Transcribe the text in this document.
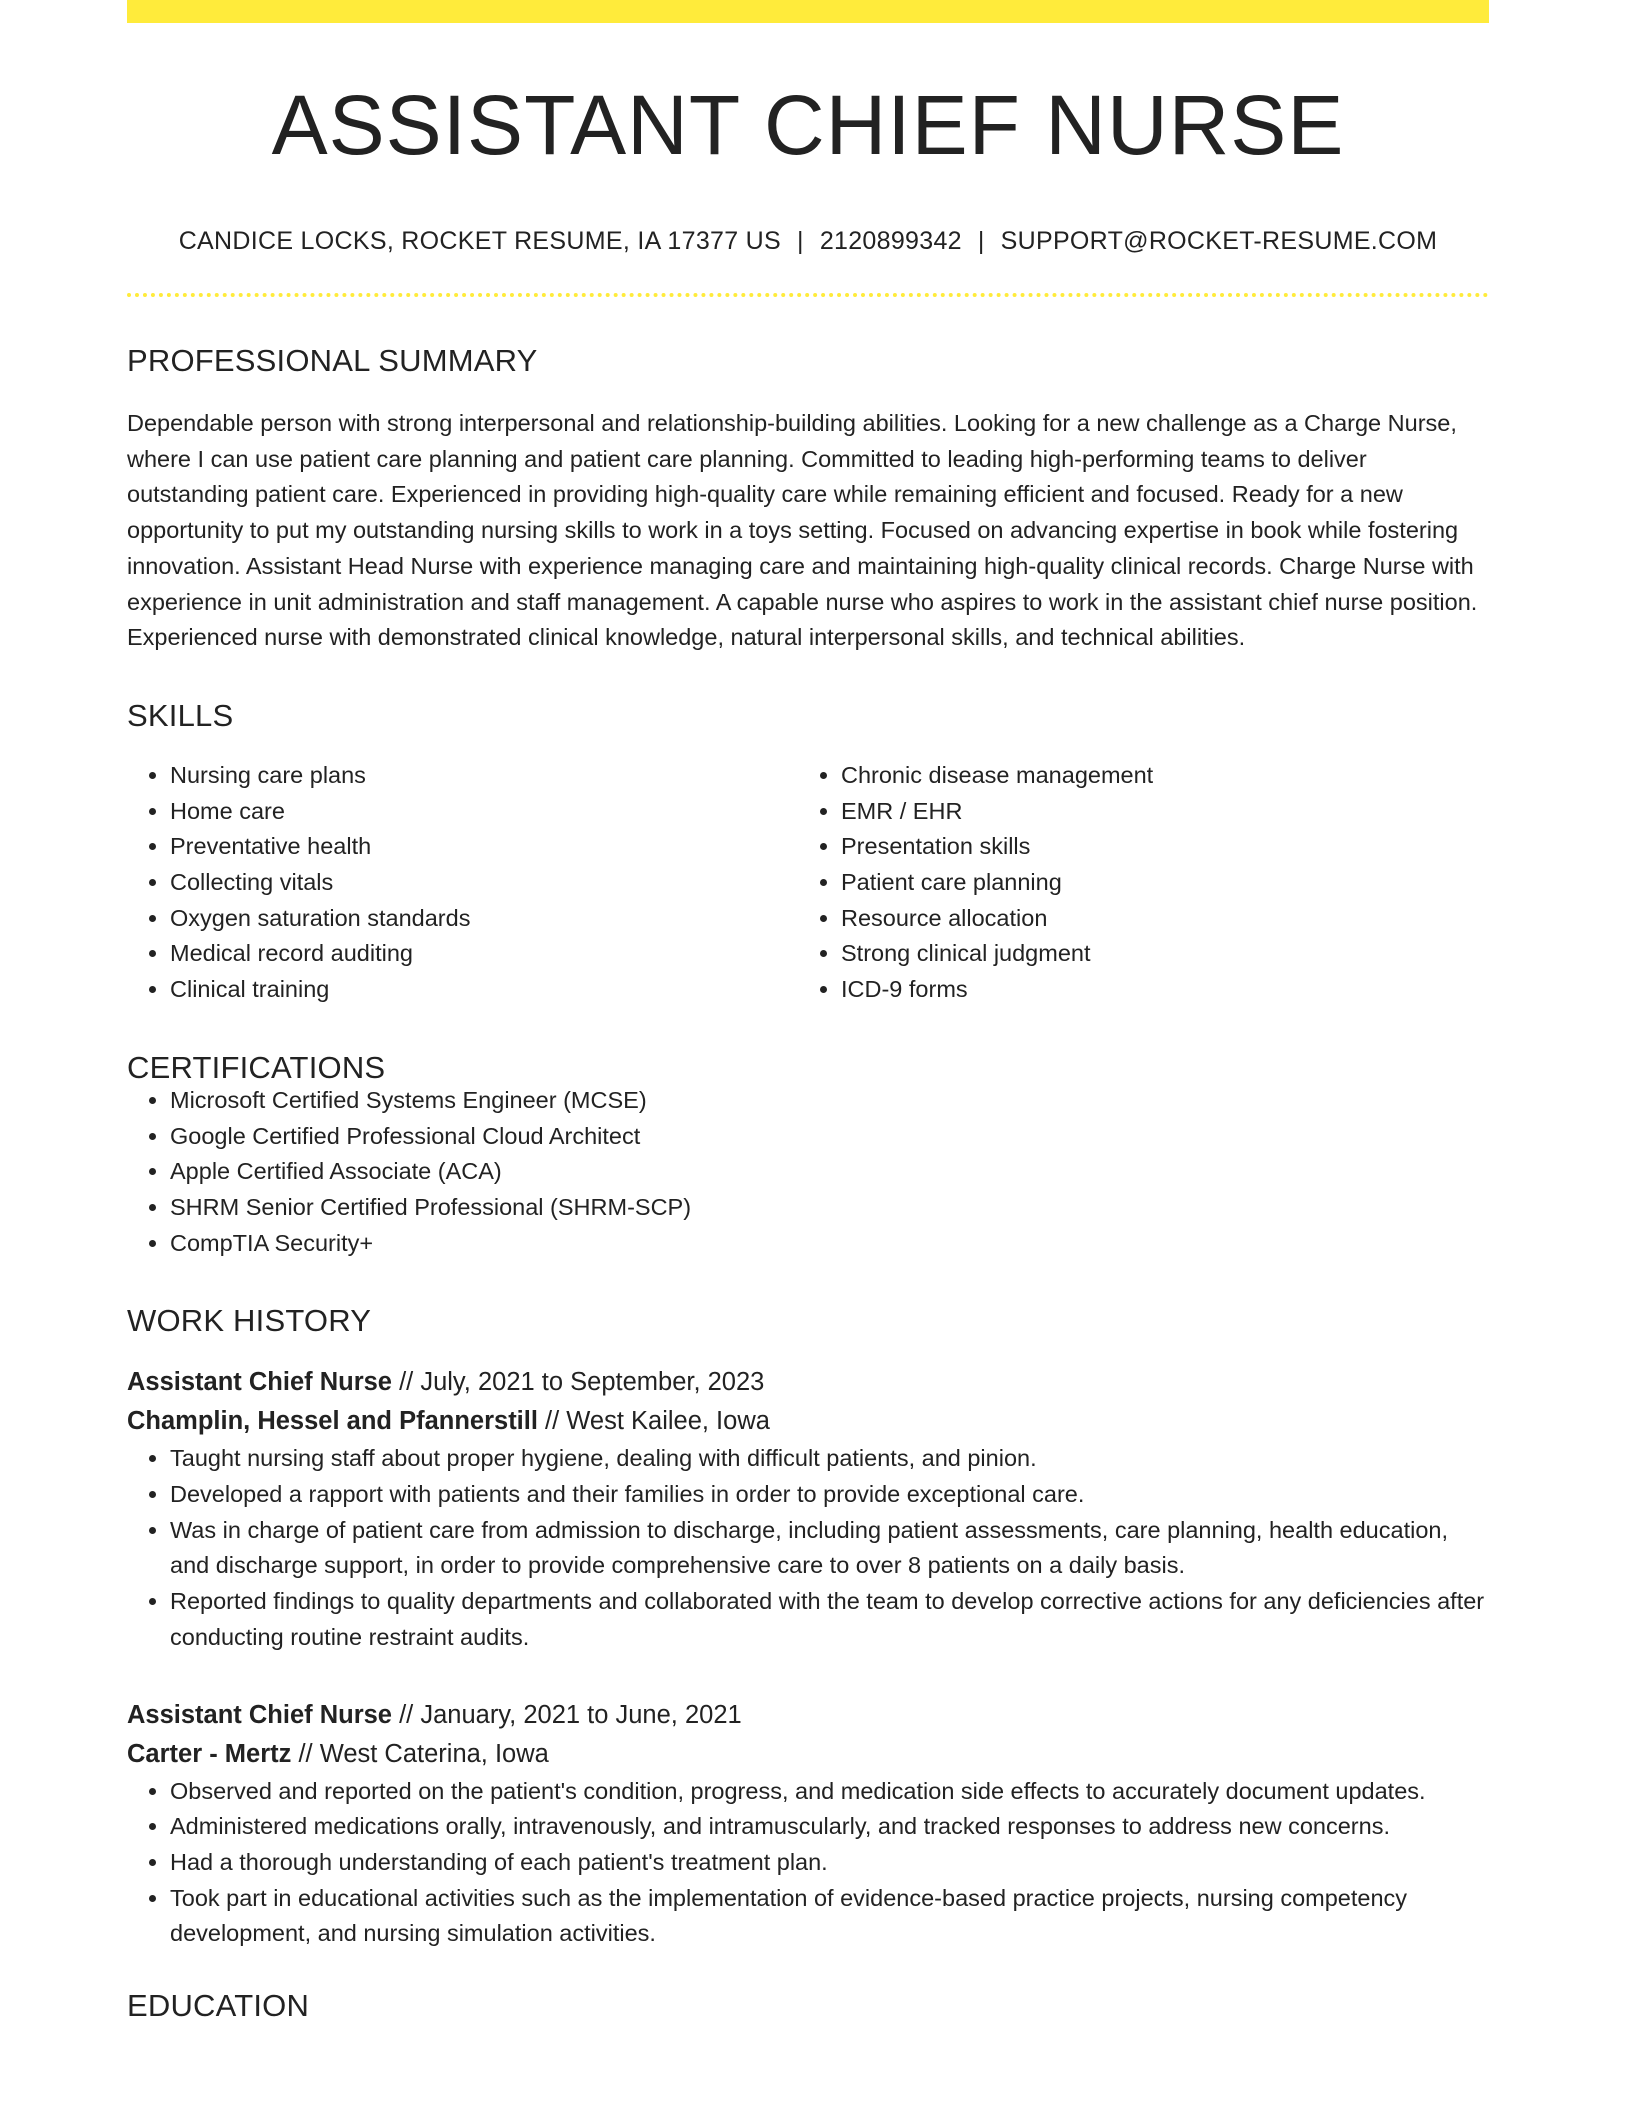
ASSISTANT CHIEF NURSE
CANDICE LOCKS, ROCKET RESUME, IA 17377 US | 2120899342 | SUPPORT@ROCKET-RESUME.COM
PROFESSIONAL SUMMARY

Dependable person with strong interpersonal and relationship-building abilities. Looking for a new challenge as a Charge Nurse, where I can use patient care planning and patient care planning. Committed to leading high-performing teams to deliver outstanding patient care. Experienced in providing high-quality care while remaining efficient and focused. Ready for a new opportunity to put my outstanding nursing skills to work in a toys setting. Focused on advancing expertise in book while fostering innovation. Assistant Head Nurse with experience managing care and maintaining high-quality clinical records. Charge Nurse with experience in unit administration and staff management. A capable nurse who aspires to work in the assistant chief nurse position. Experienced nurse with demonstrated clinical knowledge, natural interpersonal skills, and technical abilities.

SKILLS
• Nursing care plans
• Home care
• Preventative health
• Collecting vitals
• Oxygen saturation standards
• Medical record auditing
• Clinical training
• Chronic disease management
• EMR / EHR
• Presentation skills
• Patient care planning
• Resource allocation
• Strong clinical judgment
• ICD-9 forms
CERTIFICATIONS
• Microsoft Certified Systems Engineer (MCSE)
• Google Certified Professional Cloud Architect
• Apple Certified Associate (ACA)
• SHRM Senior Certified Professional (SHRM-SCP)
• CompTIA Security+
WORK HISTORY
Assistant Chief Nurse // July, 2021 to September, 2023
Champlin, Hessel and Pfannerstill // West Kailee, Iowa
• Taught nursing staff about proper hygiene, dealing with difficult patients, and pinion.
• Developed a rapport with patients and their families in order to provide exceptional care.
• Was in charge of patient care from admission to discharge, including patient assessments, care planning, health education, and discharge support, in order to provide comprehensive care to over 8 patients on a daily basis.
• Reported findings to quality departments and collaborated with the team to develop corrective actions for any deficiencies after conducting routine restraint audits.
Assistant Chief Nurse // January, 2021 to June, 2021
Carter - Mertz // West Caterina, Iowa
• Observed and reported on the patient's condition, progress, and medication side effects to accurately document updates.
• Administered medications orally, intravenously, and intramuscularly, and tracked responses to address new concerns.
• Had a thorough understanding of each patient's treatment plan.
• Took part in educational activities such as the implementation of evidence-based practice projects, nursing competency development, and nursing simulation activities.
EDUCATION
